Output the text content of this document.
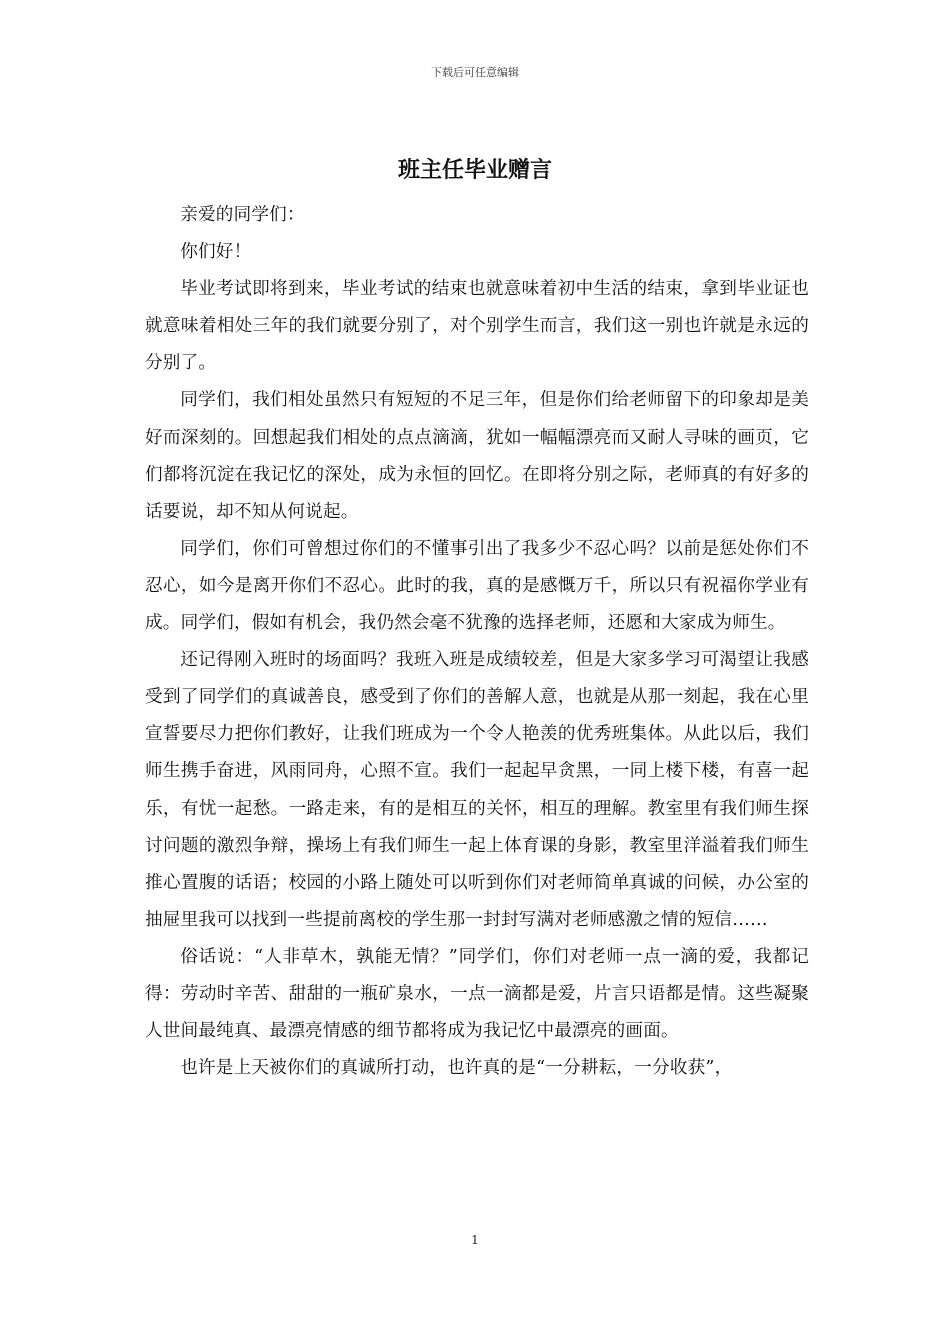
下载后可任意编辑
班主任毕业赠言

亲爱的同学们：

你们好！

毕业考试即将到来，毕业考试的结束也就意味着初中生活的结束，拿到毕业证也就意味着相处三年的我们就要分别了，对个别学生而言，我们这一别也许就是永远的分别了。

同学们，我们相处虽然只有短短的不足三年，但是你们给老师留下的印象却是美好而深刻的。回想起我们相处的点点滴滴，犹如一幅幅漂亮而又耐人寻味的画页，它们都将沉淀在我记忆的深处，成为永恒的回忆。在即将分别之际，老师真的有好多的话要说，却不知从何说起。

同学们，你们可曾想过你们的不懂事引出了我多少不忍心吗？以前是惩处你们不忍心，如今是离开你们不忍心。此时的我，真的是感慨万千，所以只有祝福你学业有成。同学们，假如有机会，我仍然会毫不犹豫的选择老师，还愿和大家成为师生。

还记得刚入班时的场面吗？我班入班是成绩较差，但是大家多学习可渴望让我感受到了同学们的真诚善良，感受到了你们的善解人意，也就是从那一刻起，我在心里宣誓要尽力把你们教好，让我们班成为一个令人艳羡的优秀班集体。从此以后，我们师生携手奋进，风雨同舟，心照不宣。我们一起起早贪黑，一同上楼下楼，有喜一起乐，有忧一起愁。一路走来，有的是相互的关怀，相互的理解。教室里有我们师生探讨问题的激烈争辩，操场上有我们师生一起上体育课的身影，教室里洋溢着我们师生推心置腹的话语；校园的小路上随处可以听到你们对老师简单真诚的问候，办公室的抽屉里我可以找到一些提前离校的学生那一封封写满对老师感激之情的短信……

俗话说：“人非草木，孰能无情？”同学们，你们对老师一点一滴的爱，我都记得：劳动时辛苦、甜甜的一瓶矿泉水，一点一滴都是爱，片言只语都是情。这些凝聚人世间最纯真、最漂亮情感的细节都将成为我记忆中最漂亮的画面。

也许是上天被你们的真诚所打动，也许真的是“一分耕耘，一分收获”，

1
